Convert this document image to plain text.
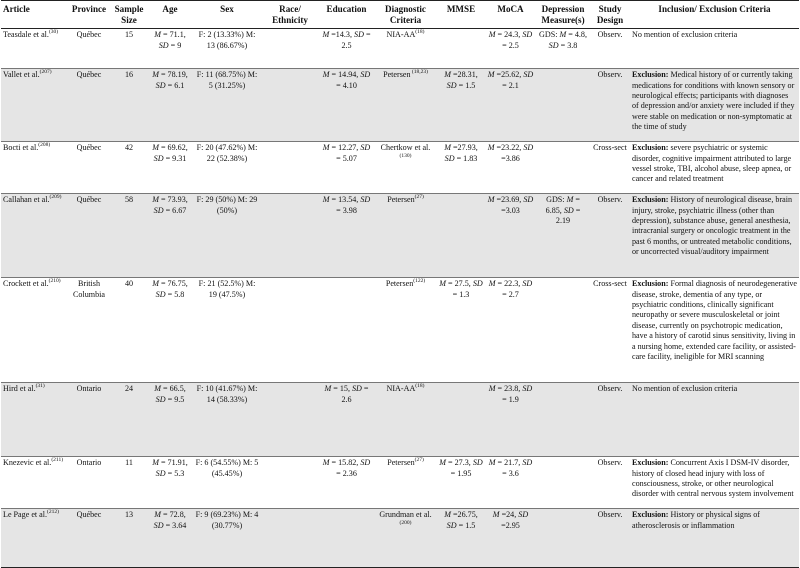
Article	Province	Sample Size	Age	Sex	Race/ Ethnicity	Education	Diagnostic Criteria	MMSE	MoCA	Depression Measure(s)	Study Design	Inclusion/ Exclusion Criteria
Teasdale et al.$^{(30)}$	Québec	15	M = 71.1, SD = 9	F: 2 (13.33%) M: 13 (86.67%)		M =14.3, SD = 2.5	NIA-AA$^{(18)}$		M = 24.3, SD = 2.5	GDS: M = 4.8, SD = 3.8	Observ.	No mention of exclusion criteria
Vallet et al.$^{(207)}$	Québec	16	M = 78.19, SD = 6.1	F: 11 (68.75%) M: 5 (31.25%)		M = 14.94, SD = 4.10	Petersen $^{(18,23)}$	M =28.31, SD = 1.5	M =25.62, SD = 2.1		Observ.	Exclusion: Medical history of or currently taking medications for conditions with known sensory or neurological effects; participants with diagnoses of depression and/or anxiety were included if they were stable on medication or non-symptomatic at the time of study
Bocti et al.$^{(208)}$	Québec	42	M = 69.62, SD = 9.31	F: 20 (47.62%) M: 22 (52.38%)		M = 12.27, SD = 5.07	Chertkow et al.$^{(130)}$	M =27.93, SD = 1.83	M =23.22, SD =3.86		Cross-sect	Exclusion: severe psychiatric or systemic disorder, cognitive impairment attributed to large vessel stroke, TBI, alcohol abuse, sleep apnea, or cancer and related treatment
Callahan et al.$^{(209)}$	Québec	58	M = 73.93, SD = 6.67	F: 29 (50%) M: 29 (50%)		M = 13.54, SD = 3.98	Petersen$^{(27)}$		M =23.69, SD =3.03	GDS: M = 6.85, SD = 2.19	Observ.	Exclusion: History of neurological disease, brain injury, stroke, psychiatric illness (other than depression), substance abuse, general anesthesia, intracranial surgery or oncologic treatment in the past 6 months, or untreated metabolic conditions, or uncorrected visual/auditory impairment
Crockett et al.$^{(210)}$	British Columbia	40	M = 76.75, SD = 5.8	F: 21 (52.5%) M: 19 (47.5%)			Petersen$^{(122)}$	M = 27.5, SD = 1.3	M = 22.3, SD = 2.7		Cross-sect	Exclusion: Formal diagnosis of neurodegenerative disease, stroke, dementia of any type, or psychiatric conditions, clinically significant neuropathy or severe musculoskeletal or joint disease, currently on psychotropic medication, have a history of carotid sinus sensitivity, living in a nursing home, extended care facility, or assisted-care facility, ineligible for MRI scanning
Hird et al.$^{(31)}$	Ontario	24	M = 66.5, SD = 9.5	F: 10 (41.67%) M: 14 (58.33%)		M = 15, SD = 2.6	NIA-AA$^{(18)}$		M = 23.8, SD = 1.9		Observ.	No mention of exclusion criteria
Knezevic et al.$^{(211)}$	Ontario	11	M = 71.91, SD = 5.3	F: 6 (54.55%) M: 5 (45.45%)		M = 15.82, SD = 2.36	Petersen$^{(27)}$	M = 27.3, SD = 1.95	M = 21.7, SD = 3.6		Observ.	Exclusion: Concurrent Axis I DSM-IV disorder, history of closed head injury with loss of consciousness, stroke, or other neurological disorder with central nervous system involvement
Le Page et al.$^{(212)}$	Québec	13	M = 72.8, SD = 3.64	F: 9 (69.23%) M: 4 (30.77%)			Grundman et al.$^{(200)}$	M =26.75, SD = 1.5	M =24, SD =2.95		Observ.	Exclusion: History or physical signs of atherosclerosis or inflammation
